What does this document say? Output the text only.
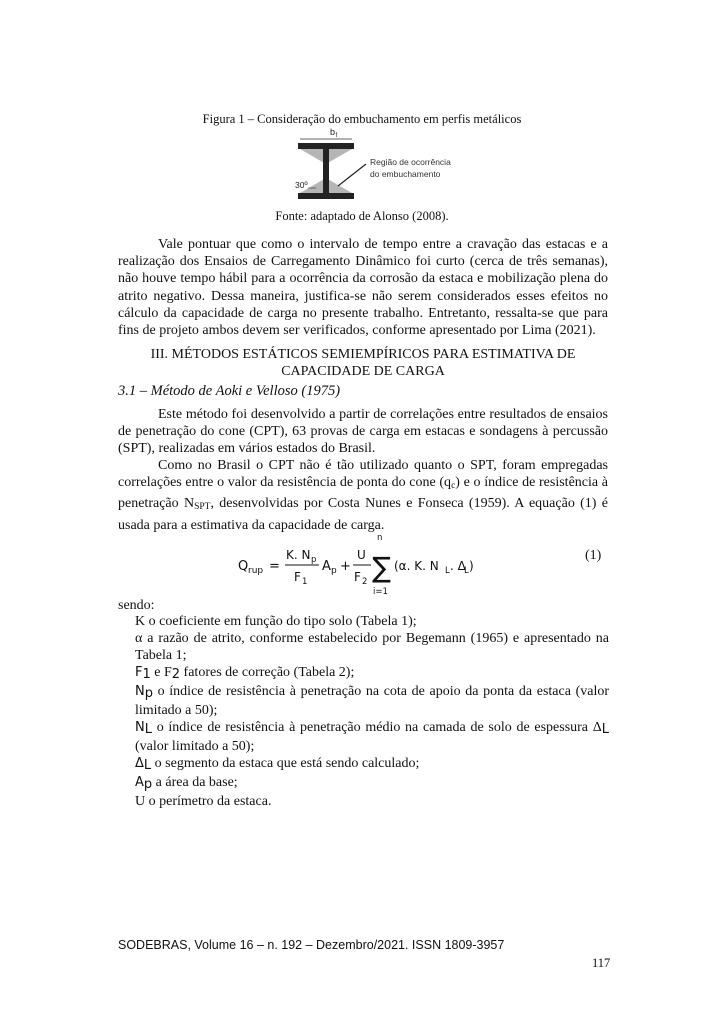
Figura 1 – Consideração do embuchamento em perfis metálicos
b f
30º
Região de ocorrência
do embuchamento
Fonte: adaptado de Alonso (2008).

Vale pontuar que como o intervalo de tempo entre a cravação das estacas e a realização dos Ensaios de Carregamento Dinâmico foi curto (cerca de três semanas), não houve tempo hábil para a ocorrência da corrosão da estaca e mobilização plena do atrito negativo. Dessa maneira, justifica-se não serem considerados esses efeitos no cálculo da capacidade de carga no presente trabalho. Entretanto, ressalta-se que para fins de projeto ambos devem ser verificados, conforme apresentado por Lima (2021).

III. MÉTODOS ESTÁTICOS SEMIEMPÍRICOS PARA ESTIMATIVA DE
CAPACIDADE DE CARGA
3.1 – Método de Aoki e Velloso (1975)

Este método foi desenvolvido a partir de correlações entre resultados de ensaios de penetração do cone (CPT), 63 provas de carga em estacas e sondagens à percussão (SPT), realizadas em vários estados do Brasil.

Como no Brasil o CPT não é tão utilizado quanto o SPT, foram empregadas correlações entre o valor da resistência de ponta do cone $(q_c)$ e o índice de resistência à penetração $N_{SPT}$, desenvolvidas por Costa Nunes e Fonseca (1959). A equação (1) é usada para a estimativa da capacidade de carga.

Q rup =
K. N p
F 1
A p +
U
F 2
n
∑
i=1
(α. K. N L . Δ
L )
(1)
sendo:
K o coeficiente em função do tipo solo (Tabela 1);
α a razão de atrito, conforme estabelecido por Begemann (1965) e apresentado na Tabela 1;
$F_1$ e $F_2$ fatores de correção (Tabela 2);
$N_p$ o índice de resistência à penetração na cota de apoio da ponta da estaca (valor limitado a 50);
$N_L$ o índice de resistência à penetração médio na camada de solo de espessura $\Delta_L$ (valor limitado a 50);
$\Delta_L$ o segmento da estaca que está sendo calculado;
$A_p$ a área da base;
U o perímetro da estaca.
SODEBRAS, Volume 16 – n. 192 – Dezembro/2021. ISSN 1809-3957
117
